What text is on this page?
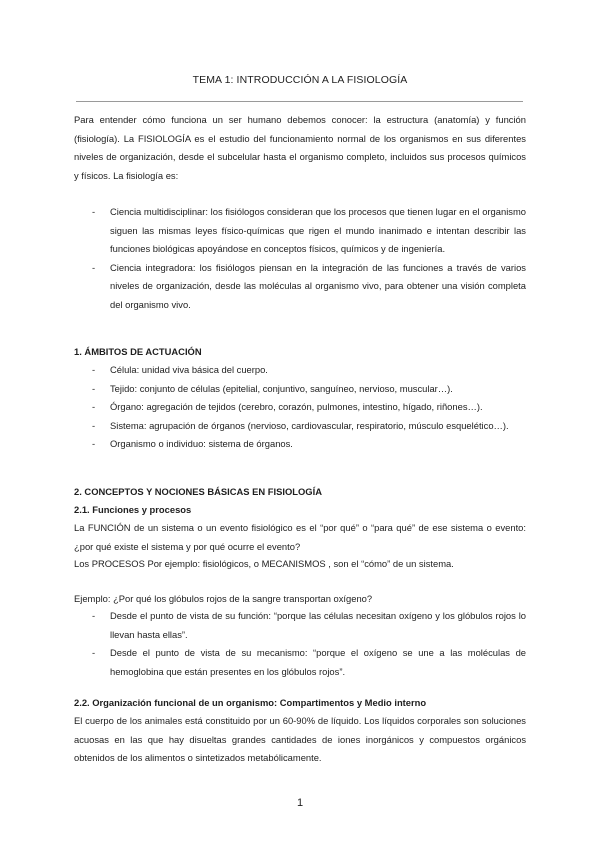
TEMA 1: INTRODUCCIÓN A LA FISIOLOGÍA
Para entender cómo funciona un ser humano debemos conocer: la estructura (anatomía) y función (fisiología). La FISIOLOGÍA es el estudio del funcionamiento normal de los organismos en sus diferentes niveles de organización, desde el subcelular hasta el organismo completo, incluidos sus procesos químicos y físicos. La fisiología es:
- Ciencia multidisciplinar: los fisiólogos consideran que los procesos que tienen lugar en el organismo siguen las mismas leyes físico-químicas que rigen el mundo inanimado e intentan describir las funciones biológicas apoyándose en conceptos físicos, químicos y de ingeniería.
- Ciencia integradora: los fisiólogos piensan en la integración de las funciones a través de varios niveles de organización, desde las moléculas al organismo vivo, para obtener una visión completa del organismo vivo.
1. ÁMBITOS DE ACTUACIÓN
- Célula: unidad viva básica del cuerpo.
- Tejido: conjunto de células (epitelial, conjuntivo, sanguíneo, nervioso, muscular…).
- Órgano: agregación de tejidos (cerebro, corazón, pulmones, intestino, hígado, riñones…).
- Sistema: agrupación de órganos (nervioso, cardiovascular, respiratorio, músculo esquelético…).
- Organismo o individuo: sistema de órganos.
2. CONCEPTOS Y NOCIONES BÁSICAS EN FISIOLOGÍA
2.1. Funciones y procesos
La FUNCIÓN de un sistema o un evento fisiológico es el “por qué” o “para qué” de ese sistema o evento: ¿por qué existe el sistema y por qué ocurre el evento?
Los PROCESOS Por ejemplo: fisiológicos, o MECANISMOS , son el “cómo” de un sistema.
Ejemplo: ¿Por qué los glóbulos rojos de la sangre transportan oxígeno?
- Desde el punto de vista de su función: “porque las células necesitan oxígeno y los glóbulos rojos lo llevan hasta ellas”.
- Desde el punto de vista de su mecanismo: “porque el oxígeno se une a las moléculas de hemoglobina que están presentes en los glóbulos rojos”.
2.2. Organización funcional de un organismo: Compartimentos y Medio interno
El cuerpo de los animales está constituido por un 60-90% de líquido. Los líquidos corporales son soluciones acuosas en las que hay disueltas grandes cantidades de iones inorgánicos y compuestos orgánicos obtenidos de los alimentos o sintetizados metabólicamente.
1
